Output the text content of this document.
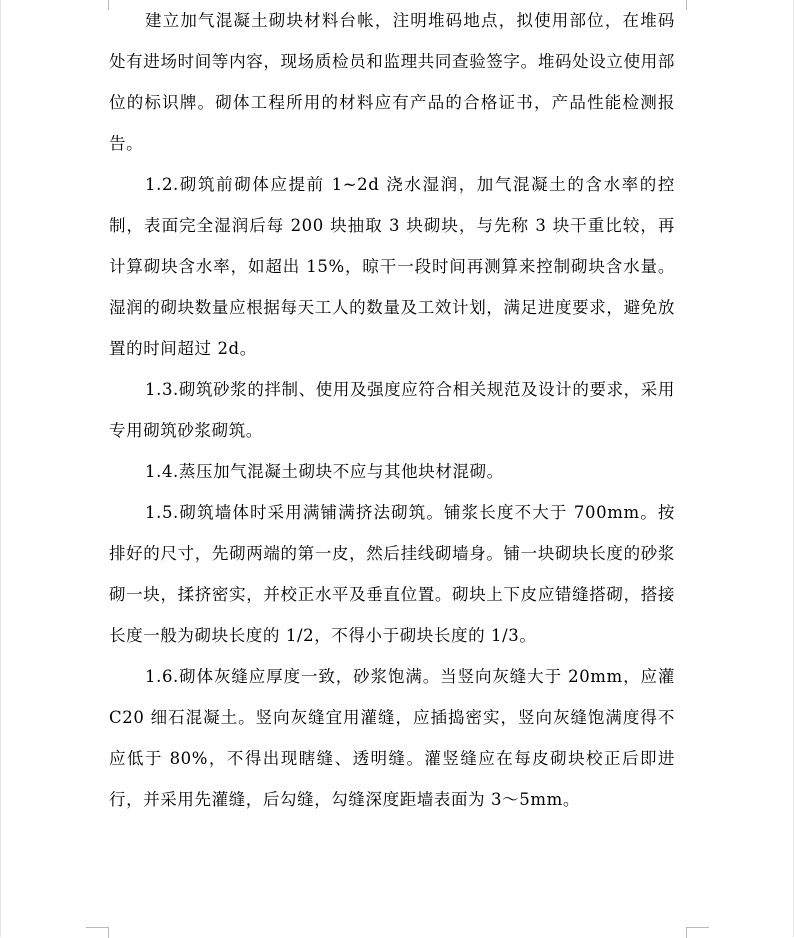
建立加气混凝土砌块材料台帐，注明堆码地点，拟使用部位，在堆码处有进场时间等内容，现场质检员和监理共同查验签字。堆码处设立使用部位的标识牌。砌体工程所用的材料应有产品的合格证书，产品性能检测报告。

1.2.砌筑前砌体应提前 1~2d 浇水湿润，加气混凝土的含水率的控制，表面完全湿润后每 200 块抽取 3 块砌块，与先称 3 块干重比较，再计算砌块含水率，如超出 15%，晾干一段时间再测算来控制砌块含水量。湿润的砌块数量应根据每天工人的数量及工效计划，满足进度要求，避免放置的时间超过 2d。

1.3.砌筑砂浆的拌制、使用及强度应符合相关规范及设计的要求，采用专用砌筑砂浆砌筑。

1.4.蒸压加气混凝土砌块不应与其他块材混砌。

1.5.砌筑墙体时采用满铺满挤法砌筑。铺浆长度不大于 700mm。按排好的尺寸，先砌两端的第一皮，然后挂线砌墙身。铺一块砌块长度的砂浆砌一块，揉挤密实，并校正水平及垂直位置。砌块上下皮应错缝搭砌，搭接长度一般为砌块长度的 1/2，不得小于砌块长度的 1/3。

1.6.砌体灰缝应厚度一致，砂浆饱满。当竖向灰缝大于 20mm，应灌 C20 细石混凝土。竖向灰缝宜用灌缝，应插捣密实，竖向灰缝饱满度得不应低于 80%，不得出现瞎缝、透明缝。灌竖缝应在每皮砌块校正后即进行，并采用先灌缝，后勾缝，勾缝深度距墙表面为 3～5mm。
